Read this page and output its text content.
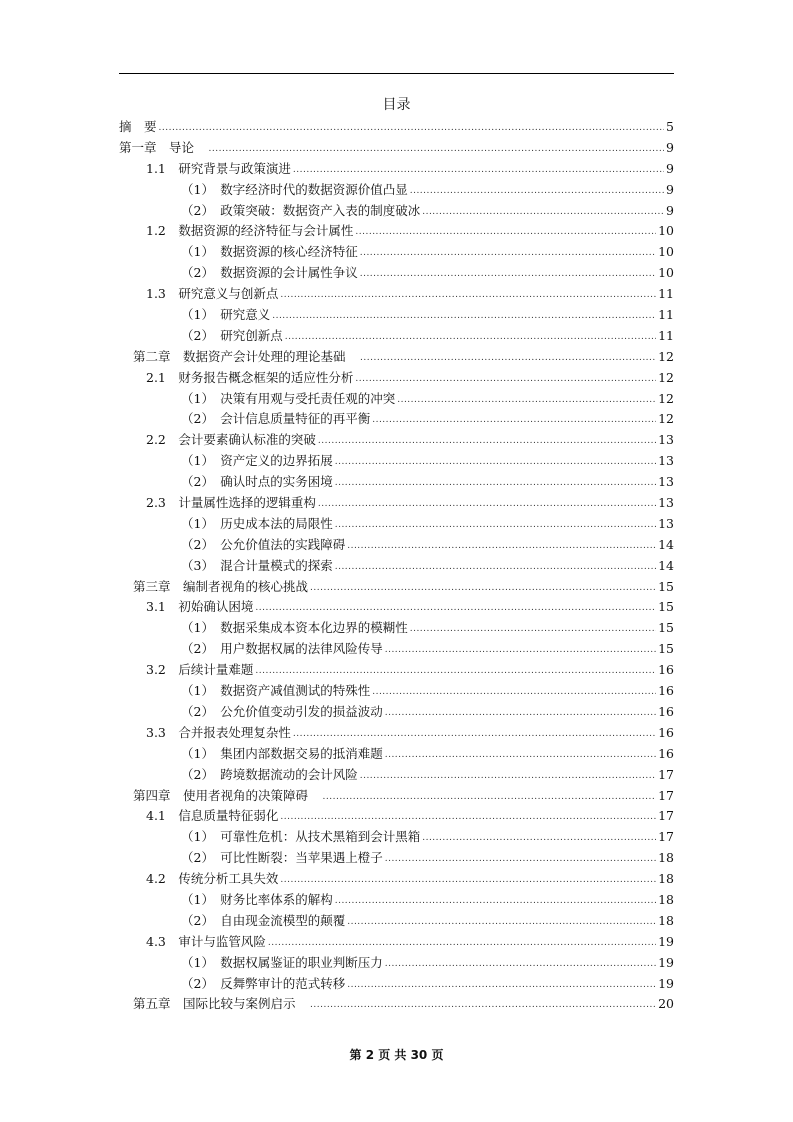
目录
摘　要 .....	5
第一章　导论　 .....	9
1.1　研究背景与政策演进 .....	9
（1）　数字经济时代的数据资源价值凸显 .....	9
（2）　政策突破：数据资产入表的制度破冰 .....	9
1.2　数据资源的经济特征与会计属性 .....	10
（1）　数据资源的核心经济特征 .....	10
（2）　数据资源的会计属性争议 .....	10
1.3　研究意义与创新点 .....	11
（1）　研究意义 .....	11
（2）　研究创新点 .....	11
第二章　数据资产会计处理的理论基础　 .....	12
2.1　财务报告概念框架的适应性分析 .....	12
（1）　决策有用观与受托责任观的冲突 .....	12
（2）　会计信息质量特征的再平衡 .....	12
2.2　会计要素确认标准的突破 .....	13
（1）　资产定义的边界拓展 .....	13
（2）　确认时点的实务困境 .....	13
2.3　计量属性选择的逻辑重构 .....	13
（1）　历史成本法的局限性 .....	13
（2）　公允价值法的实践障碍 .....	14
（3）　混合计量模式的探索 .....	14
第三章　编制者视角的核心挑战 .....	15
3.1　初始确认困境 .....	15
（1）　数据采集成本资本化边界的模糊性 .....	15
（2）　用户数据权属的法律风险传导 .....	15
3.2　后续计量难题 .....	16
（1）　数据资产减值测试的特殊性 .....	16
（2）　公允价值变动引发的损益波动 .....	16
3.3　合并报表处理复杂性 .....	16
（1）　集团内部数据交易的抵消难题 .....	16
（2）　跨境数据流动的会计风险 .....	17
第四章　使用者视角的决策障碍　 .....	17
4.1　信息质量特征弱化 .....	17
（1）　可靠性危机：从技术黑箱到会计黑箱 .....	17
（2）　可比性断裂：当苹果遇上橙子 .....	18
4.2　传统分析工具失效 .....	18
（1）　财务比率体系的解构 .....	18
（2）　自由现金流模型的颠覆 .....	18
4.3　审计与监管风险 .....	19
（1）　数据权属鉴证的职业判断压力 .....	19
（2）　反舞弊审计的范式转移 .....	19
第五章　国际比较与案例启示　 .....	20
第 2 页 共 30 页
